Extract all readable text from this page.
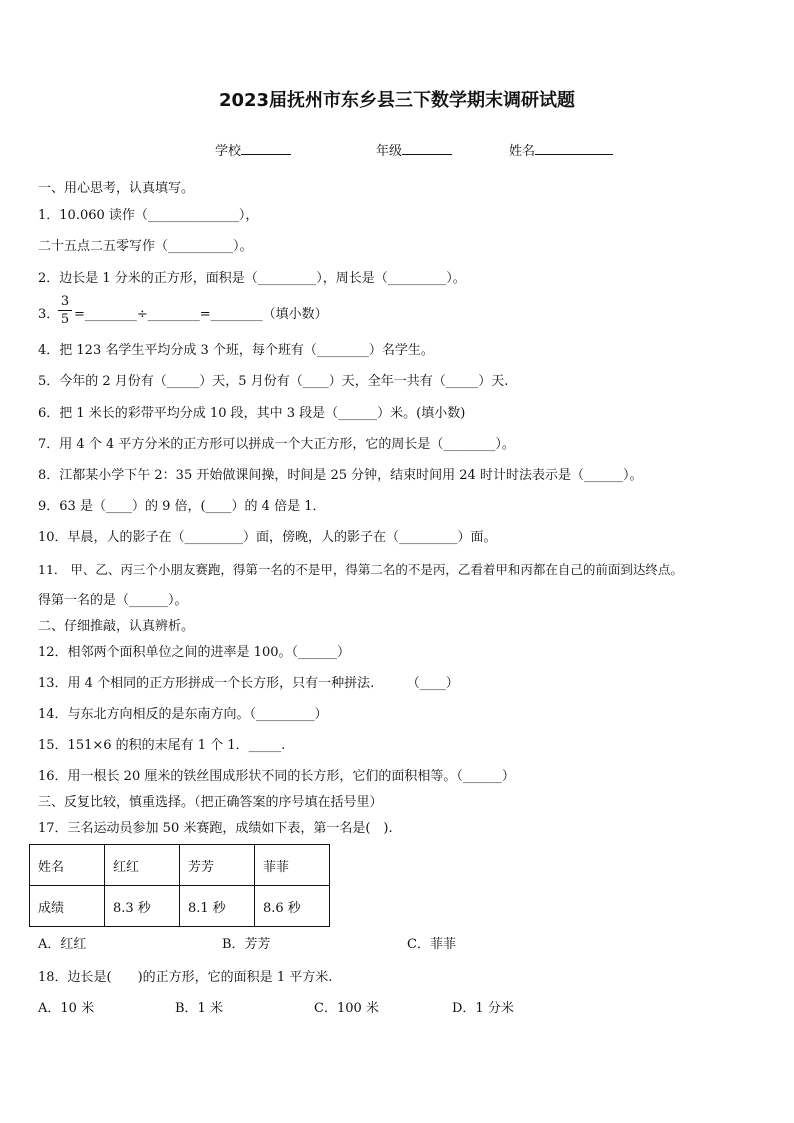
2023届抚州市东乡县三下数学期末调研试题
学校	年级	姓名
一、用心思考，认真填写。
1．10.060 读作（______________），
二十五点二五零写作（__________）。
2．边长是 1 分米的正方形，面积是（_________），周长是（_________）。
3．
3
5 =________÷________=________（填小数）
4．把 123 名学生平均分成 3 个班，每个班有（________）名学生。
5．今年的 2 月份有（_____）天，5 月份有（____）天，全年一共有（_____）天.
6．把 1 米长的彩带平均分成 10 段，其中 3 段是（______）米。(填小数)
7．用 4 个 4 平方分米的正方形可以拼成一个大正方形，它的周长是（________）。
8．江都某小学下午 2：35 开始做课间操，时间是 25 分钟，结束时间用 24 时计时法表示是（______）。
9．63 是（____）的 9 倍，(____）的 4 倍是 1．
10．早晨，人的影子在（_________）面，傍晚，人的影子在（_________）面。
11． 甲、乙、丙三个小朋友赛跑，得第一名的不是甲，得第二名的不是丙，乙看着甲和丙都在自己的前面到达终点。
得第一名的是（______）。
二、仔细推敲，认真辨析。
12．相邻两个面积单位之间的进率是 100。（______）
13．用 4 个相同的正方形拼成一个长方形，只有一种拼法.　　　（____）
14．与东北方向相反的是东南方向。（_________）
15．151×6 的积的末尾有 1 个 1．_____.
16．用一根长 20 厘米的铁丝围成形状不同的长方形，它们的面积相等。（______）
三、反复比较，慎重选择。（把正确答案的序号填在括号里）
17．三名运动员参加 50 米赛跑，成绩如下表，第一名是(　).
姓名	红红	芳芳	菲菲
成绩	8.3 秒	8.1 秒	8.6 秒
A．红红	B．芳芳	C．菲菲
18．边长是(　　)的正方形，它的面积是 1 平方米.
A．10 米	B．1 米	C．100 米	D．1 分米
